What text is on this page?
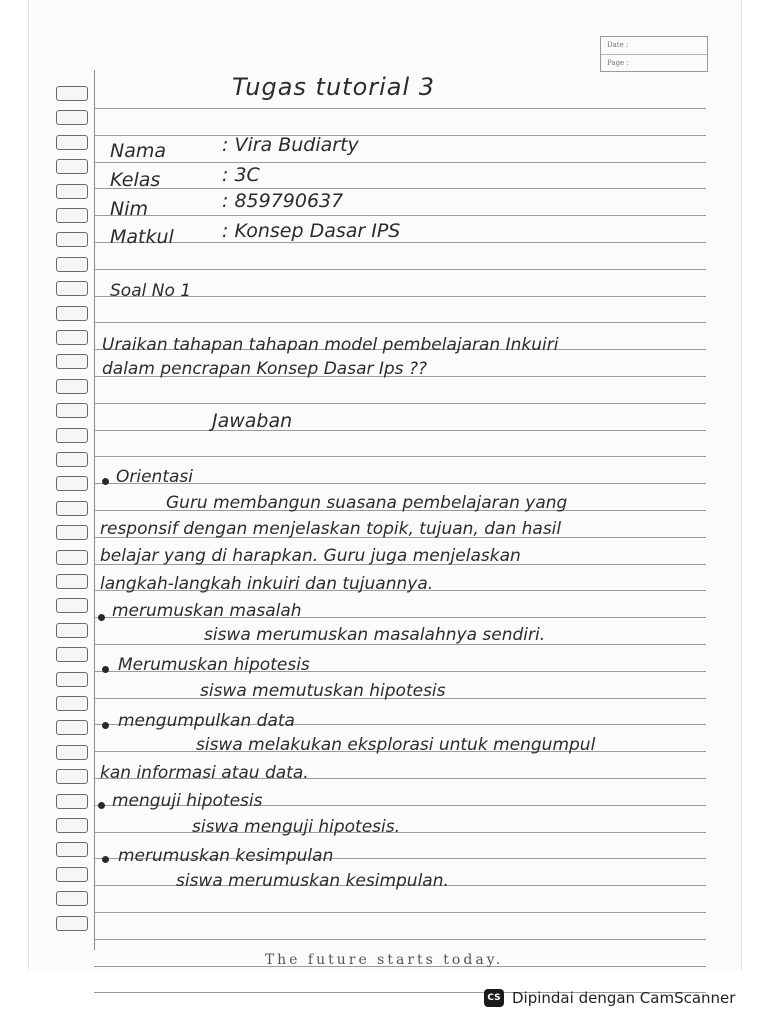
Date :
Page :
Tugas tutorial 3
Nama	: Vira Budiarty
Kelas	: 3C
Nim	: 859790637
Matkul	: Konsep Dasar IPS
Soal No 1
Uraikan tahapan tahapan model pembelajaran Inkuiri
dalam pencrapan Konsep Dasar Ips ??
Jawaban
Orientasi
Guru membangun suasana pembelajaran yang
responsif dengan menjelaskan topik, tujuan, dan hasil
belajar yang di harapkan. Guru juga menjelaskan
langkah-langkah inkuiri dan tujuannya.
merumuskan masalah
siswa merumuskan masalahnya sendiri.
Merumuskan hipotesis
siswa memutuskan hipotesis
mengumpulkan data
siswa melakukan eksplorasi untuk mengumpul
kan informasi atau data.
menguji hipotesis
siswa menguji hipotesis.
merumuskan kesimpulan
siswa merumuskan kesimpulan.
The future starts today.
CS Dipindai dengan CamScanner
